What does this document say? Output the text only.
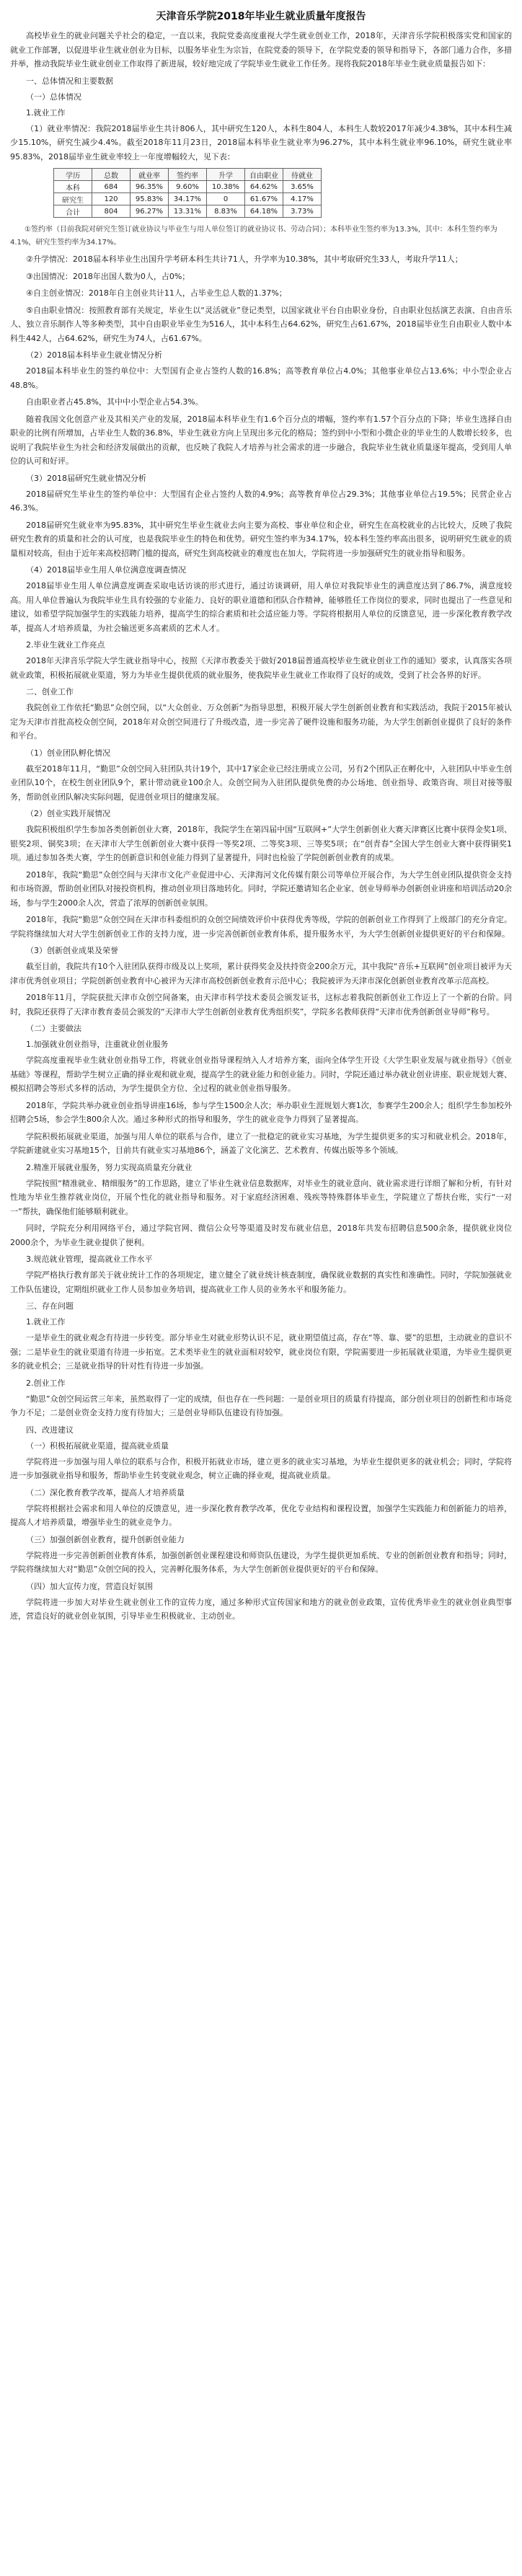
天津音乐学院2018年毕业生就业质量年度报告

高校毕业生的就业问题关乎社会的稳定，一直以来，我院党委高度重视大学生就业创业工作，2018年，天津音乐学院积极落实党和国家的就业工作部署，以促进毕业生就业创业为目标，以服务毕业生为宗旨，在院党委的领导下，在学院党委的领导和指导下，各部门通力合作，多措并举，推动我院毕业生就业创业工作取得了新进展，较好地完成了学院毕业生就业工作任务。现将我院2018年毕业生就业质量报告如下：

一、总体情况和主要数据
（一）总体情况
1.就业工作

（1）就业率情况：我院2018届毕业生共计806人，其中研究生120人，本科生804人，本科生人数较2017年减少4.38%，其中本科生减少15.10%，研究生减少4.4%。截至2018年11月23日，2018届本科毕业生就业率为96.27%，其中本科生就业率96.10%，研究生就业率95.83%，2018届毕业生就业率较上一年度增幅较大，见下表：

学历	总数	就业率	签约率	升学	自由职业	待就业
本科	684	96.35%	9.60%	10.38%	64.62%	3.65%
研究生	120	95.83%	34.17%	0	61.67%	4.17%
合计	804	96.27%	13.31%	8.83%	64.18%	3.73%

①签约率（目前我院对研究生签订就业协议与毕业生与用人单位签订的就业协议书、劳动合同）；本科毕业生签约率为13.3%，其中：本科生签约率为4.1%，研究生签约率为34.17%。

②升学情况：2018届本科毕业生出国升学考研本科生共计71人，升学率为10.38%，其中考取研究生33人，考取升学11人；

③出国情况：2018年出国人数为0人，占0%；

④自主创业情况：2018年自主创业共计11人，占毕业生总人数的1.37%；

⑤自由职业情况：按照教育部有关规定，毕业生以“灵活就业”登记类型，以国家就业平台自由职业身份，自由职业包括演艺表演、自由音乐人、独立音乐制作人等多种类型，其中自由职业毕业生为516人，其中本科生占64.62%，研究生占61.67%，2018届毕业生自由职业人数中本科生442人，占64.62%，研究生为74人，占61.67%。

（2）2018届本科毕业生就业情况分析

2018届本科毕业生的签约单位中：大型国有企业占签约人数的16.8%；高等教育单位占4.0%；其他事业单位占13.6%；中小型企业占48.8%。

自由职业者占45.8%，其中中小型企业占54.3%。

随着我国文化创意产业及其相关产业的发展，2018届本科毕业生有1.6个百分点的增幅，签约率有1.57个百分点的下降；毕业生选择自由职业的比例有所增加，占毕业生人数的36.8%，毕业生就业方向上呈现出多元化的格局；签约到中小型和小微企业的毕业生的人数增长较多，也说明了我院毕业生为社会和经济发展做出的贡献，也反映了我院人才培养与社会需求的进一步融合，我院毕业生就业质量逐年提高，受到用人单位的认可和好评。

（3）2018届研究生就业情况分析

2018届研究生毕业生的签约单位中：大型国有企业占签约人数的4.9%；高等教育单位占29.3%；其他事业单位占19.5%；民营企业占46.3%。

2018届研究生就业率为95.83%，其中研究生毕业生就业去向主要为高校、事业单位和企业，研究生在高校就业的占比较大，反映了我院研究生教育的质量和社会的认可度，也是我院毕业生的特色和优势。研究生签约率为34.17%，较本科生签约率高出很多，说明研究生就业的质量相对较高，但由于近年来高校招聘门槛的提高，研究生到高校就业的难度也在加大，学院将进一步加强研究生的就业指导和服务。

（4）2018届毕业生用人单位满意度调查情况

2018届毕业生用人单位满意度调查采取电话访谈的形式进行，通过访谈调研，用人单位对我院毕业生的满意度达到了86.7%，满意度较高。用人单位普遍认为我院毕业生具有较强的专业能力、良好的职业道德和团队合作精神，能够胜任工作岗位的要求，同时也提出了一些意见和建议，如希望学院加强学生的实践能力培养，提高学生的综合素质和社会适应能力等。学院将根据用人单位的反馈意见，进一步深化教育教学改革，提高人才培养质量，为社会输送更多高素质的艺术人才。

2.毕业生就业工作亮点

2018年天津音乐学院大学生就业指导中心，按照《天津市教委关于做好2018届普通高校毕业生就业创业工作的通知》要求，认真落实各项就业政策，积极拓展就业渠道，努力为毕业生提供优质的就业服务，使我院毕业生就业工作取得了良好的成效，受到了社会各界的好评。

二、创业工作

我院创业工作依托“勤思”众创空间，以“大众创业、万众创新”为指导思想，积极开展大学生创新创业教育和实践活动，我院于2015年被认定为天津市首批高校众创空间，2018年对众创空间进行了升级改造，进一步完善了硬件设施和服务功能，为大学生创新创业提供了良好的条件和平台。

（1）创业团队孵化情况

截至2018年11月，“勤思”众创空间入驻团队共计19个，其中17家企业已经注册成立公司，另有2个团队正在孵化中，入驻团队中毕业生创业团队10个，在校生创业团队9个，累计带动就业100余人。众创空间为入驻团队提供免费的办公场地、创业指导、政策咨询、项目对接等服务，帮助创业团队解决实际问题，促进创业项目的健康发展。

（2）创业实践开展情况

我院积极组织学生参加各类创新创业大赛，2018年，我院学生在第四届中国“互联网+”大学生创新创业大赛天津赛区比赛中获得金奖1项、银奖2项、铜奖3项；在天津市大学生创新创业大赛中获得一等奖2项、二等奖3项、三等奖5项；在“创青春”全国大学生创业大赛中获得铜奖1项。通过参加各类大赛，学生的创新意识和创业能力得到了显著提升，同时也检验了学院创新创业教育的成果。

2018年，我院“勤思”众创空间与天津市文化产业促进中心、天津海河文化传媒有限公司等单位开展合作，为大学生创业团队提供资金支持和市场资源，帮助创业团队对接投资机构，推动创业项目落地转化。同时，学院还邀请知名企业家、创业导师举办创新创业讲座和培训活动20余场，参与学生2000余人次，营造了浓厚的创新创业氛围。

2018年，我院“勤思”众创空间在天津市科委组织的众创空间绩效评价中获得优秀等级，学院的创新创业工作得到了上级部门的充分肯定。学院将继续加大对大学生创新创业工作的支持力度，进一步完善创新创业教育体系，提升服务水平，为大学生创新创业提供更好的平台和保障。

（3）创新创业成果及荣誉

截至目前，我院共有10个入驻团队获得市级及以上奖项，累计获得奖金及扶持资金200余万元，其中我院“音乐+互联网”创业项目被评为天津市优秀创业项目；学院创新创业教育中心被评为天津市高校创新创业教育示范中心；我院被评为天津市深化创新创业教育改革示范高校。

2018年11月，学院获批天津市众创空间备案，由天津市科学技术委员会颁发证书，这标志着我院创新创业工作迈上了一个新的台阶。同时，我院还获得了天津市教育委员会颁发的“天津市大学生创新创业教育优秀组织奖”，学院多名教师获得“天津市优秀创新创业导师”称号。

（二）主要做法
1.加强就业创业指导，注重就业创业服务

学院高度重视毕业生就业创业指导工作，将就业创业指导课程纳入人才培养方案，面向全体学生开设《大学生职业发展与就业指导》《创业基础》等课程，帮助学生树立正确的择业观和就业观，提高学生的就业能力和创业能力。同时，学院还通过举办就业创业讲座、职业规划大赛、模拟招聘会等形式多样的活动，为学生提供全方位、全过程的就业创业指导服务。

2018年，学院共举办就业创业指导讲座16场，参与学生1500余人次；举办职业生涯规划大赛1次，参赛学生200余人；组织学生参加校外招聘会5场，参会学生800余人次。通过多种形式的指导和服务，学生的就业竞争力得到了显著提高。

学院积极拓展就业渠道，加强与用人单位的联系与合作，建立了一批稳定的就业实习基地，为学生提供更多的实习和就业机会。2018年，学院新建就业实习基地15个，目前共有就业实习基地86个，涵盖了文化演艺、艺术教育、传媒出版等多个领域。

2.精准开展就业服务，努力实现高质量充分就业

学院按照“精准就业、精细服务”的工作思路，建立了毕业生就业信息数据库，对毕业生的就业意向、就业需求进行详细了解和分析，有针对性地为毕业生推荐就业岗位，开展个性化的就业指导和服务。对于家庭经济困难、残疾等特殊群体毕业生，学院建立了帮扶台账，实行“一对一”帮扶，确保他们能够顺利就业。

同时，学院充分利用网络平台，通过学院官网、微信公众号等渠道及时发布就业信息，2018年共发布招聘信息500余条，提供就业岗位2000余个，为毕业生就业提供了便利。

3.规范就业管理，提高就业工作水平

学院严格执行教育部关于就业统计工作的各项规定，建立健全了就业统计核查制度，确保就业数据的真实性和准确性。同时，学院加强就业工作队伍建设，定期组织就业工作人员参加业务培训，提高就业工作人员的业务水平和服务能力。

三、存在问题
1.就业工作

一是毕业生的就业观念有待进一步转变。部分毕业生对就业形势认识不足，就业期望值过高，存在“等、靠、要”的思想，主动就业的意识不强；二是毕业生的就业渠道有待进一步拓宽。艺术类毕业生的就业面相对较窄，就业岗位有限，学院需要进一步拓展就业渠道，为毕业生提供更多的就业机会；三是就业指导的针对性有待进一步加强。

2.创业工作

“勤思”众创空间运营三年来，虽然取得了一定的成绩，但也存在一些问题：一是创业项目的质量有待提高，部分创业项目的创新性和市场竞争力不足；二是创业资金支持力度有待加大；三是创业导师队伍建设有待加强。

四、改进建议
（一）积极拓展就业渠道，提高就业质量

学院将进一步加强与用人单位的联系与合作，积极开拓就业市场，建立更多的就业实习基地，为毕业生提供更多的就业机会；同时，学院将进一步加强就业指导和服务，帮助毕业生转变就业观念，树立正确的择业观，提高就业质量。

（二）深化教育教学改革，提高人才培养质量

学院将根据社会需求和用人单位的反馈意见，进一步深化教育教学改革，优化专业结构和课程设置，加强学生实践能力和创新能力的培养，提高人才培养质量，增强毕业生的就业竞争力。

（三）加强创新创业教育，提升创新创业能力

学院将进一步完善创新创业教育体系，加强创新创业课程建设和师资队伍建设，为学生提供更加系统、专业的创新创业教育和指导；同时，学院将继续加大对“勤思”众创空间的投入，完善孵化服务体系，为大学生创新创业提供更好的平台和保障。

（四）加大宣传力度，营造良好氛围

学院将进一步加大对毕业生就业创业工作的宣传力度，通过多种形式宣传国家和地方的就业创业政策，宣传优秀毕业生的就业创业典型事迹，营造良好的就业创业氛围，引导毕业生积极就业、主动创业。
